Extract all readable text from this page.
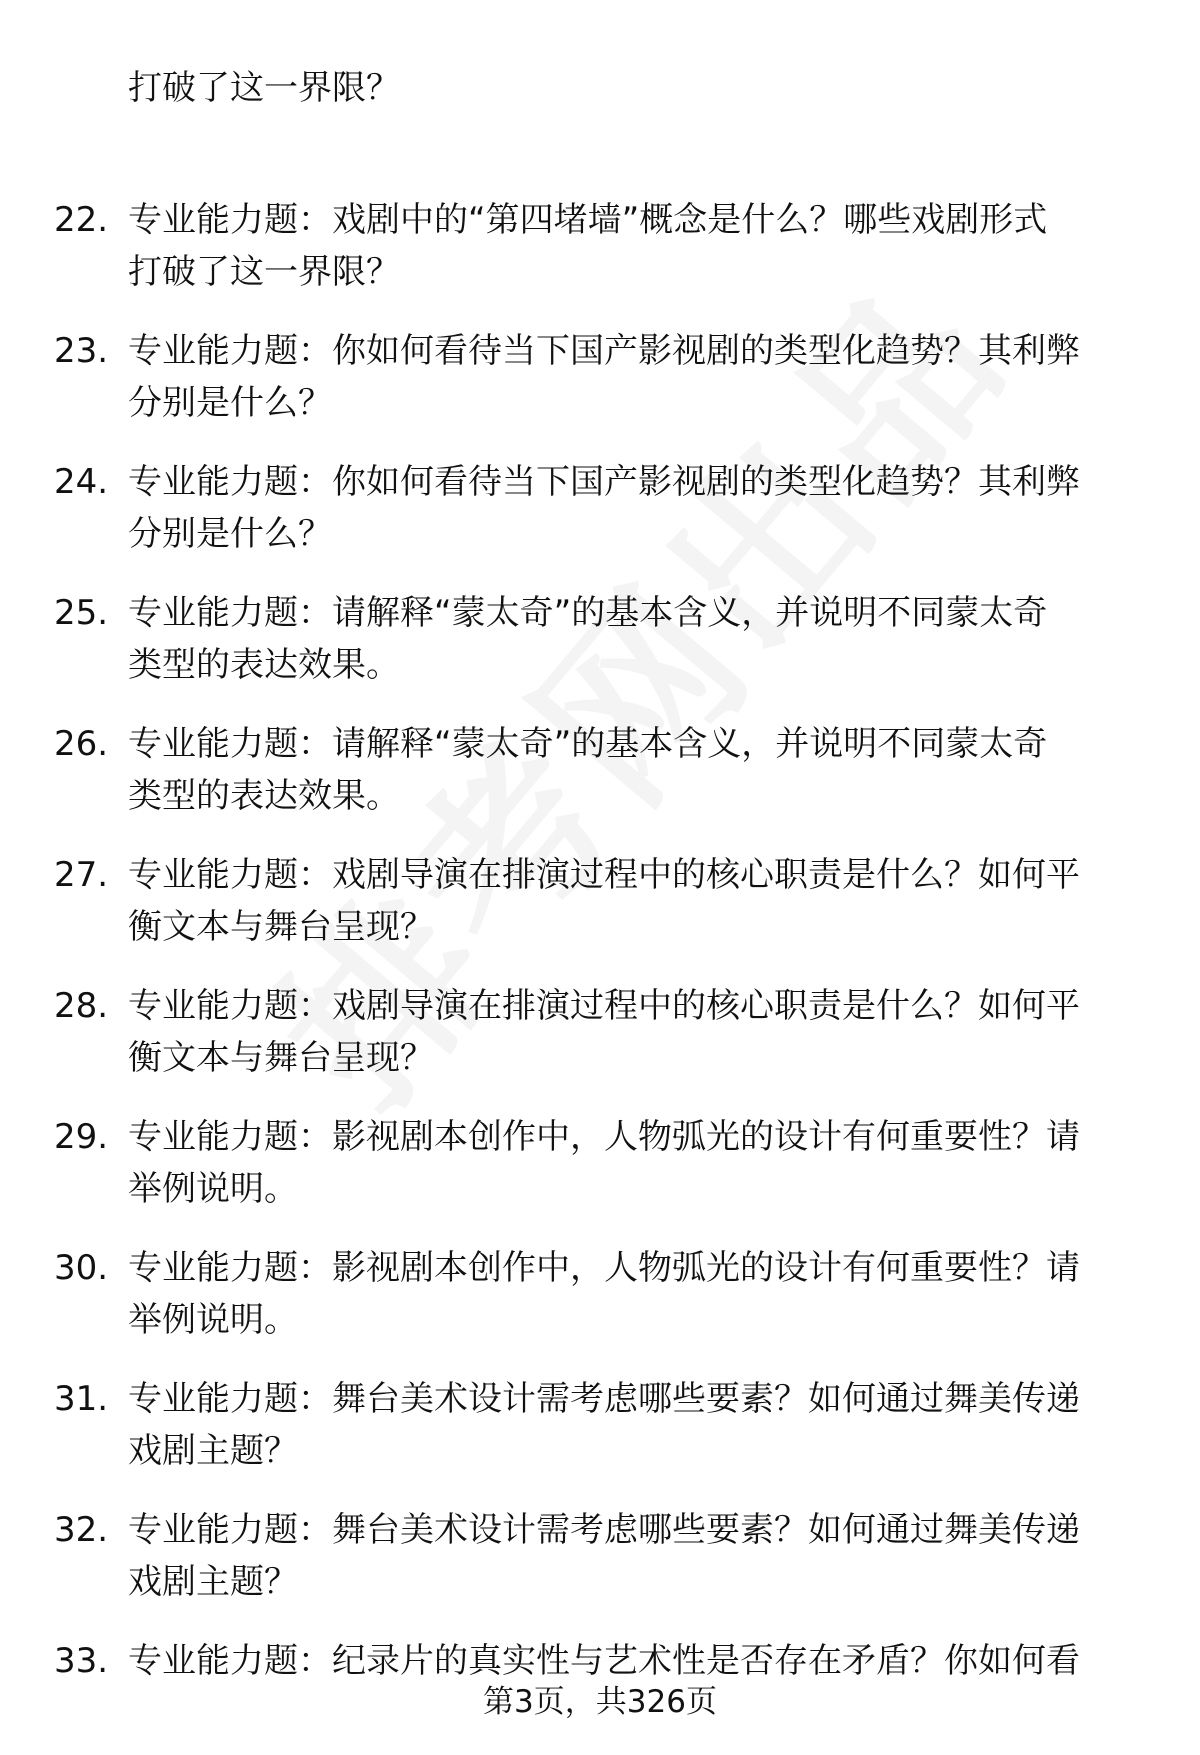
打破了这一界限？
22. 专业能力题：戏剧中的“第四堵墙”概念是什么？哪些戏剧形式
打破了这一界限？
23. 专业能力题：你如何看待当下国产影视剧的类型化趋势？其利弊
分别是什么？
24. 专业能力题：你如何看待当下国产影视剧的类型化趋势？其利弊
分别是什么？
25. 专业能力题：请解释“蒙太奇”的基本含义，并说明不同蒙太奇
类型的表达效果。
26. 专业能力题：请解释“蒙太奇”的基本含义，并说明不同蒙太奇
类型的表达效果。
27. 专业能力题：戏剧导演在排演过程中的核心职责是什么？如何平
衡文本与舞台呈现？
28. 专业能力题：戏剧导演在排演过程中的核心职责是什么？如何平
衡文本与舞台呈现？
29. 专业能力题：影视剧本创作中，人物弧光的设计有何重要性？请
举例说明。
30. 专业能力题：影视剧本创作中，人物弧光的设计有何重要性？请
举例说明。
31. 专业能力题：舞台美术设计需考虑哪些要素？如何通过舞美传递
戏剧主题？
32. 专业能力题：舞台美术设计需考虑哪些要素？如何通过舞美传递
戏剧主题？
33. 专业能力题：纪录片的真实性与艺术性是否存在矛盾？你如何看
第3页，共326页
